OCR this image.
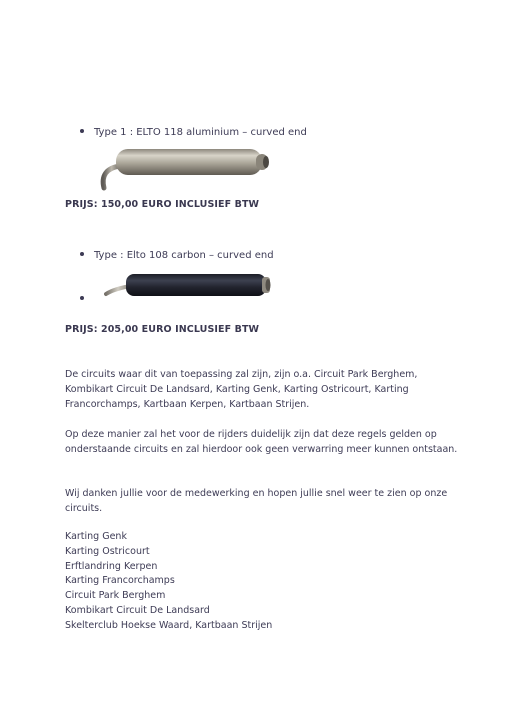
Type 1 : ELTO 118 aluminium – curved end
PRIJS: 150,00 EURO INCLUSIEF BTW
Type : Elto 108 carbon – curved end
PRIJS: 205,00 EURO INCLUSIEF BTW

De circuits waar dit van toepassing zal zijn, zijn o.a. Circuit Park Berghem, Kombikart Circuit De Landsard, Karting Genk, Karting Ostricourt, Karting Francorchamps, Kartbaan Kerpen, Kartbaan Strijen.

Op deze manier zal het voor de rijders duidelijk zijn dat deze regels gelden op onderstaande circuits en zal hierdoor ook geen verwarring meer kunnen ontstaan.

Wij danken jullie voor de medewerking en hopen jullie snel weer te zien op onze circuits.

Karting Genk
Karting Ostricourt
Erftlandring Kerpen
Karting Francorchamps
Circuit Park Berghem
Kombikart Circuit De Landsard
Skelterclub Hoekse Waard, Kartbaan Strijen
